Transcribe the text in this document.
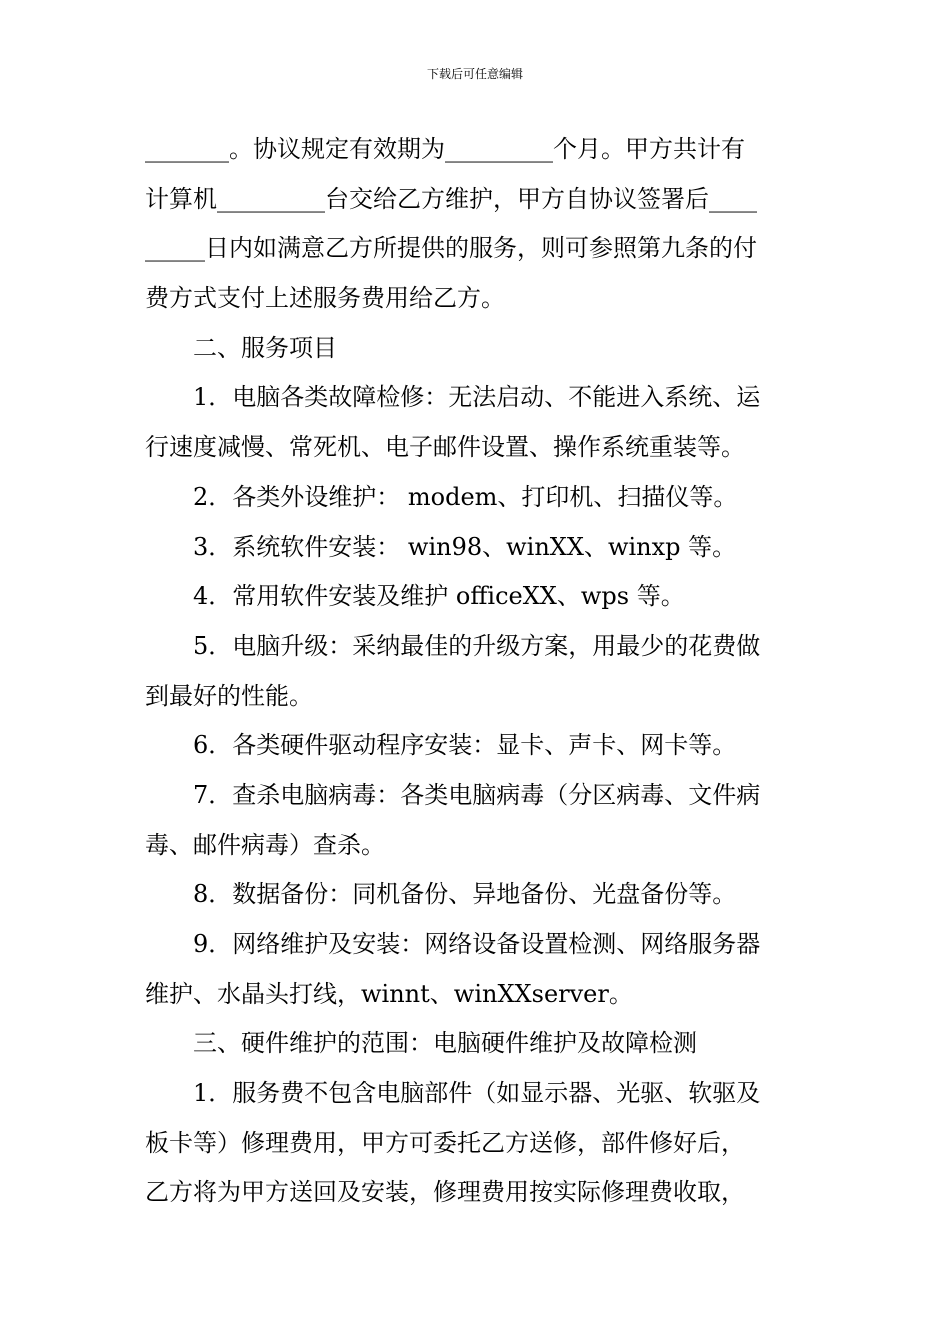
下载后可任意编辑
_______。协议规定有效期为_________个月。甲方共计有
计算机_________台交给乙方维护，甲方自协议签署后____
_____日内如满意乙方所提供的服务，则可参照第九条的付
费方式支付上述服务费用给乙方。
二、服务项目
1．电脑各类故障检修：无法启动、不能进入系统、运
行速度减慢、常死机、电子邮件设置、操作系统重装等。
2．各类外设维护： modem、打印机、扫描仪等。
3．系统软件安装： win98、winXX、winxp 等。
4．常用软件安装及维护 officeXX、wps 等。
5．电脑升级：采纳最佳的升级方案，用最少的花费做
到最好的性能。
6．各类硬件驱动程序安装：显卡、声卡、网卡等。
7．查杀电脑病毒：各类电脑病毒（分区病毒、文件病
毒、邮件病毒）查杀。
8．数据备份：同机备份、异地备份、光盘备份等。
9．网络维护及安装：网络设备设置检测、网络服务器
维护、水晶头打线，winnt、winXXserver。
三、硬件维护的范围：电脑硬件维护及故障检测
1．服务费不包含电脑部件（如显示器、光驱、软驱及
板卡等）修理费用，甲方可委托乙方送修，部件修好后，
乙方将为甲方送回及安装，修理费用按实际修理费收取，
